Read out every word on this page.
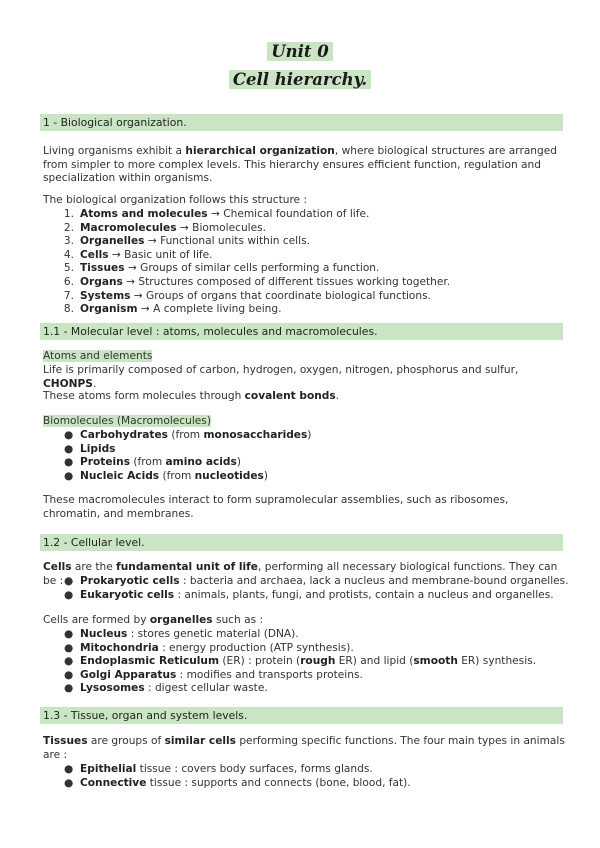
Unit 0
Cell hierarchy.
1 - Biological organization.

Living organisms exhibit a hierarchical organization, where biological structures are arranged from simpler to more complex levels. This hierarchy ensures efficient function, regulation and specialization within organisms.

The biological organization follows this structure :

1. Atoms and molecules → Chemical foundation of life.
2. Macromolecules → Biomolecules.
3. Organelles → Functional units within cells.
4. Cells → Basic unit of life.
5. Tissues → Groups of similar cells performing a function.
6. Organs → Structures composed of different tissues working together.
7. Systems → Groups of organs that coordinate biological functions.
8. Organism → A complete living being.
1.1 - Molecular level : atoms, molecules and macromolecules.
Atoms and elements

Life is primarily composed of carbon, hydrogen, oxygen, nitrogen, phosphorus and sulfur, CHONPS.

These atoms form molecules through covalent bonds.

Biomolecules (Macromolecules)
● Carbohydrates (from monosaccharides)
● Lipids
● Proteins (from amino acids)
● Nucleic Acids (from nucleotides)

These macromolecules interact to form supramolecular assemblies, such as ribosomes, chromatin, and membranes.

1.2 - Cellular level.

Cells are the fundamental unit of life, performing all necessary biological functions. They can be : ● Prokaryotic cells : bacteria and archaea, lack a nucleus and membrane-bound organelles.
● Eukaryotic cells : animals, plants, fungi, and protists, contain a nucleus and organelles.

Cells are formed by organelles such as :

● Nucleus : stores genetic material (DNA).
● Mitochondria : energy production (ATP synthesis).
● Endoplasmic Reticulum (ER) : protein (rough ER) and lipid (smooth ER) synthesis.
● Golgi Apparatus : modifies and transports proteins.
● Lysosomes : digest cellular waste.
1.3 - Tissue, organ and system levels.

Tissues are groups of similar cells performing specific functions. The four main types in animals are :

● Epithelial tissue : covers body surfaces, forms glands.
● Connective tissue : supports and connects (bone, blood, fat).
